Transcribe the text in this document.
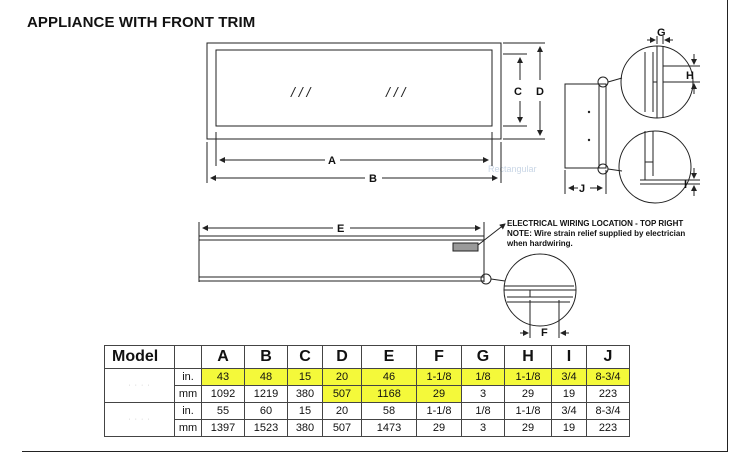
APPLIANCE WITH FRONT TRIM
Rectangular
C D
A
B
J
G
H
I
E
F
/ / /	/ / /
ELECTRICAL WIRING LOCATION - TOP RIGHT
NOTE: Wire strain relief supplied by electrician
when hardwiring.
Model		A	B	C	D	E	F	G	H	I	J
· · · ·	in.	43	48	15	20	46	1-1/8	1/8	1-1/8	3/4	8-3/4
	mm	1092	1219	380	507	1168	29	3	29	19	223
· · · ·	in.	55	60	15	20	58	1-1/8	1/8	1-1/8	3/4	8-3/4
	mm	1397	1523	380	507	1473	29	3	29	19	223
